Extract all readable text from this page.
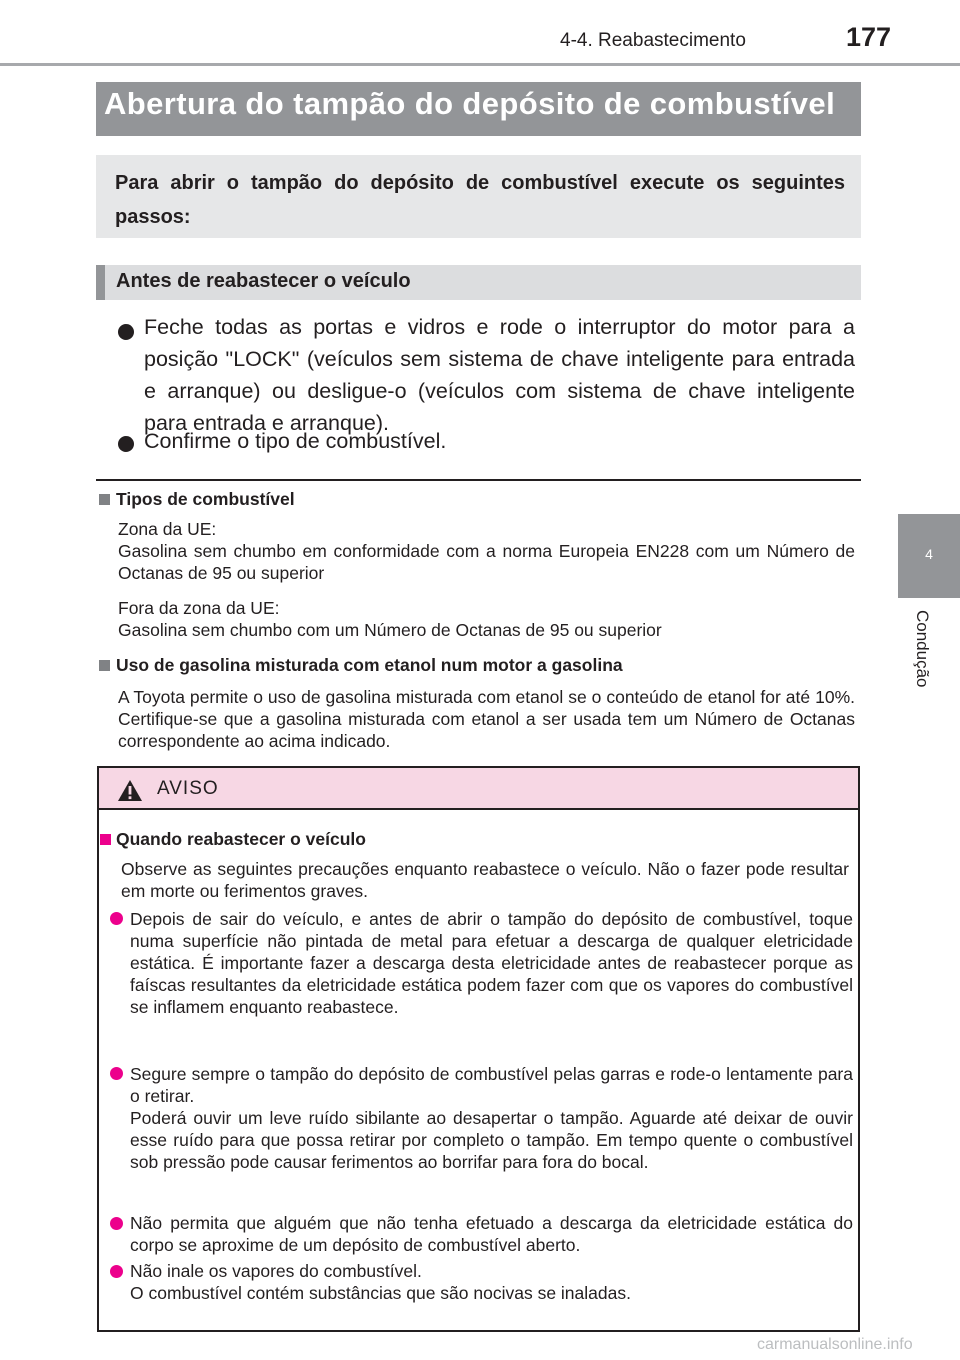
4-4. Reabastecimento	177
4
Condução
Abertura do tampão do depósito de combustível
Para abrir o tampão do depósito de combustível execute os seguintes passos:
Antes de reabastecer o veículo
Feche todas as portas e vidros e rode o interruptor do motor para a posição "LOCK" (veículos sem sistema de chave inteligente para entrada e arranque) ou desligue-o (veículos com sistema de chave inteligente para entrada e arranque).
Confirme o tipo de combustível.
Tipos de combustível
Zona da UE:
Gasolina sem chumbo em conformidade com a norma Europeia EN228 com um Número de Octanas de 95 ou superior
Fora da zona da UE:
Gasolina sem chumbo com um Número de Octanas de 95 ou superior
Uso de gasolina misturada com etanol num motor a gasolina
A Toyota permite o uso de gasolina misturada com etanol se o conteúdo de etanol for até 10%. Certifique-se que a gasolina misturada com etanol a ser usada tem um Número de Octanas correspondente ao acima indicado.
AVISO
Quando reabastecer o veículo
Observe as seguintes precauções enquanto reabastece o veículo. Não o fazer pode resultar em morte ou ferimentos graves.
Depois de sair do veículo, e antes de abrir o tampão do depósito de combustível, toque numa superfície não pintada de metal para efetuar a descarga de qualquer eletricidade estática. É importante fazer a descarga desta eletricidade antes de reabastecer porque as faíscas resultantes da eletricidade estática podem fazer com que os vapores do combustível se inflamem enquanto reabastece.
Segure sempre o tampão do depósito de combustível pelas garras e rode-o lentamente para o retirar.
Poderá ouvir um leve ruído sibilante ao desapertar o tampão. Aguarde até deixar de ouvir esse ruído para que possa retirar por completo o tampão. Em tempo quente o combustível sob pressão pode causar ferimentos ao borrifar para fora do bocal.
Não permita que alguém que não tenha efetuado a descarga da eletricidade estática do corpo se aproxime de um depósito de combustível aberto.
Não inale os vapores do combustível.
O combustível contém substâncias que são nocivas se inaladas.
carmanualsonline.info
